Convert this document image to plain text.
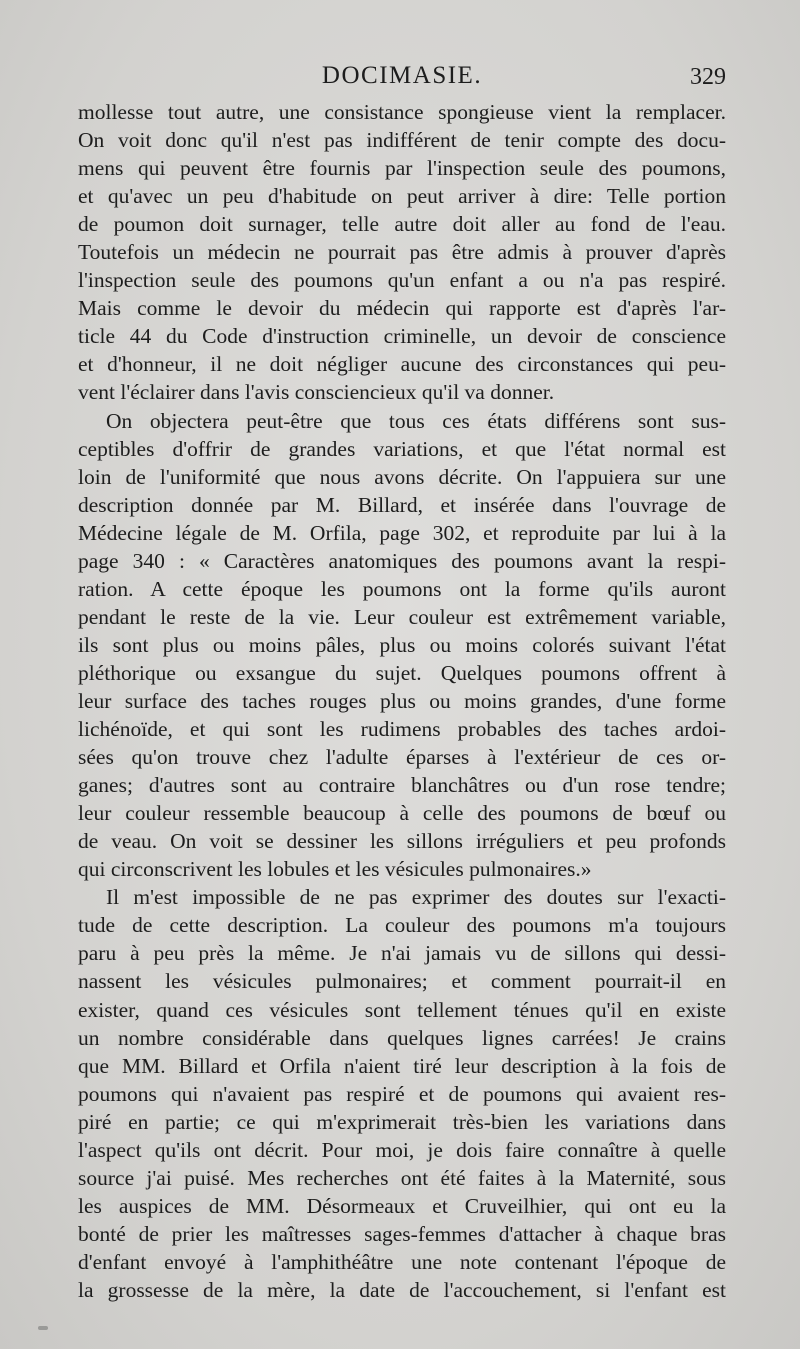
DOCIMASIE.	329
mollesse tout autre, une consistance spongieuse vient la remplacer.
On voit donc qu'il n'est pas indifférent de tenir compte des docu-
mens qui peuvent être fournis par l'inspection seule des poumons,
et qu'avec un peu d'habitude on peut arriver à dire: Telle portion
de poumon doit surnager, telle autre doit aller au fond de l'eau.
Toutefois un médecin ne pourrait pas être admis à prouver d'après
l'inspection seule des poumons qu'un enfant a ou n'a pas respiré.
Mais comme le devoir du médecin qui rapporte est d'après l'ar-
ticle 44 du Code d'instruction criminelle, un devoir de conscience
et d'honneur, il ne doit négliger aucune des circonstances qui peu-
vent l'éclairer dans l'avis consciencieux qu'il va donner.
On objectera peut-être que tous ces états différens sont sus-
ceptibles d'offrir de grandes variations, et que l'état normal est
loin de l'uniformité que nous avons décrite. On l'appuiera sur une
description donnée par M. Billard, et insérée dans l'ouvrage de
Médecine légale de M. Orfila, page 302, et reproduite par lui à la
page 340 : « Caractères anatomiques des poumons avant la respi-
ration. A cette époque les poumons ont la forme qu'ils auront
pendant le reste de la vie. Leur couleur est extrêmement variable,
ils sont plus ou moins pâles, plus ou moins colorés suivant l'état
pléthorique ou exsangue du sujet. Quelques poumons offrent à
leur surface des taches rouges plus ou moins grandes, d'une forme
lichénoïde, et qui sont les rudimens probables des taches ardoi-
sées qu'on trouve chez l'adulte éparses à l'extérieur de ces or-
ganes; d'autres sont au contraire blanchâtres ou d'un rose tendre;
leur couleur ressemble beaucoup à celle des poumons de bœuf ou
de veau. On voit se dessiner les sillons irréguliers et peu profonds
qui circonscrivent les lobules et les vésicules pulmonaires.»
Il m'est impossible de ne pas exprimer des doutes sur l'exacti-
tude de cette description. La couleur des poumons m'a toujours
paru à peu près la même. Je n'ai jamais vu de sillons qui dessi-
nassent les vésicules pulmonaires; et comment pourrait-il en
exister, quand ces vésicules sont tellement ténues qu'il en existe
un nombre considérable dans quelques lignes carrées! Je crains
que MM. Billard et Orfila n'aient tiré leur description à la fois de
poumons qui n'avaient pas respiré et de poumons qui avaient res-
piré en partie; ce qui m'exprimerait très-bien les variations dans
l'aspect qu'ils ont décrit. Pour moi, je dois faire connaître à quelle
source j'ai puisé. Mes recherches ont été faites à la Maternité, sous
les auspices de MM. Désormeaux et Cruveilhier, qui ont eu la
bonté de prier les maîtresses sages-femmes d'attacher à chaque bras
d'enfant envoyé à l'amphithéâtre une note contenant l'époque de
la grossesse de la mère, la date de l'accouchement, si l'enfant est
